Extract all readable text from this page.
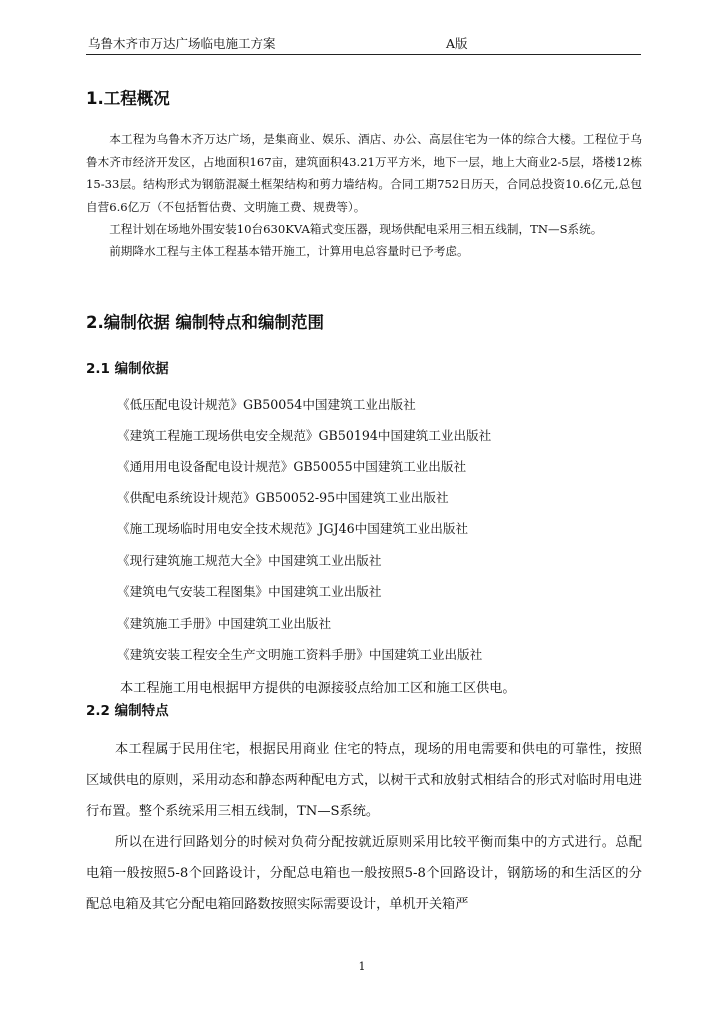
乌鲁木齐市万达广场临电施工方案	A版
1.工程概况
本工程为乌鲁木齐万达广场，是集商业、娱乐、酒店、办公、高层住宅为一体的综合大楼。工程位于乌鲁木齐市经济开发区，占地面积167亩，建筑面积43.21万平方米，地下一层，地上大商业2-5层，塔楼12栋15-33层。结构形式为钢筋混凝土框架结构和剪力墙结构。合同工期752日历天，合同总投资10.6亿元,总包自营6.6亿万（不包括暂估费、文明施工费、规费等）。
工程计划在场地外围安装10台630KVA箱式变压器，现场供配电采用三相五线制，TN—S系统。
前期降水工程与主体工程基本错开施工，计算用电总容量时已予考虑。
2.编制依据 编制特点和编制范围
2.1 编制依据
《低压配电设计规范》GB50054中国建筑工业出版社
《建筑工程施工现场供电安全规范》GB50194中国建筑工业出版社
《通用用电设备配电设计规范》GB50055中国建筑工业出版社
《供配电系统设计规范》GB50052-95中国建筑工业出版社
《施工现场临时用电安全技术规范》JGJ46中国建筑工业出版社
《现行建筑施工规范大全》中国建筑工业出版社
《建筑电气安装工程图集》中国建筑工业出版社
《建筑施工手册》中国建筑工业出版社
《建筑安装工程安全生产文明施工资料手册》中国建筑工业出版社
本工程施工用电根据甲方提供的电源接驳点给加工区和施工区供电。
2.2 编制特点
本工程属于民用住宅，根据民用商业 住宅的特点，现场的用电需要和供电的可靠性，按照区域供电的原则，采用动态和静态两种配电方式，以树干式和放射式相结合的形式对临时用电进行布置。整个系统采用三相五线制，TN—S系统。
所以在进行回路划分的时候对负荷分配按就近原则采用比较平衡而集中的方式进行。总配电箱一般按照5-8个回路设计，分配总电箱也一般按照5-8个回路设计，钢筋场的和生活区的分配总电箱及其它分配电箱回路数按照实际需要设计，单机开关箱严
1
